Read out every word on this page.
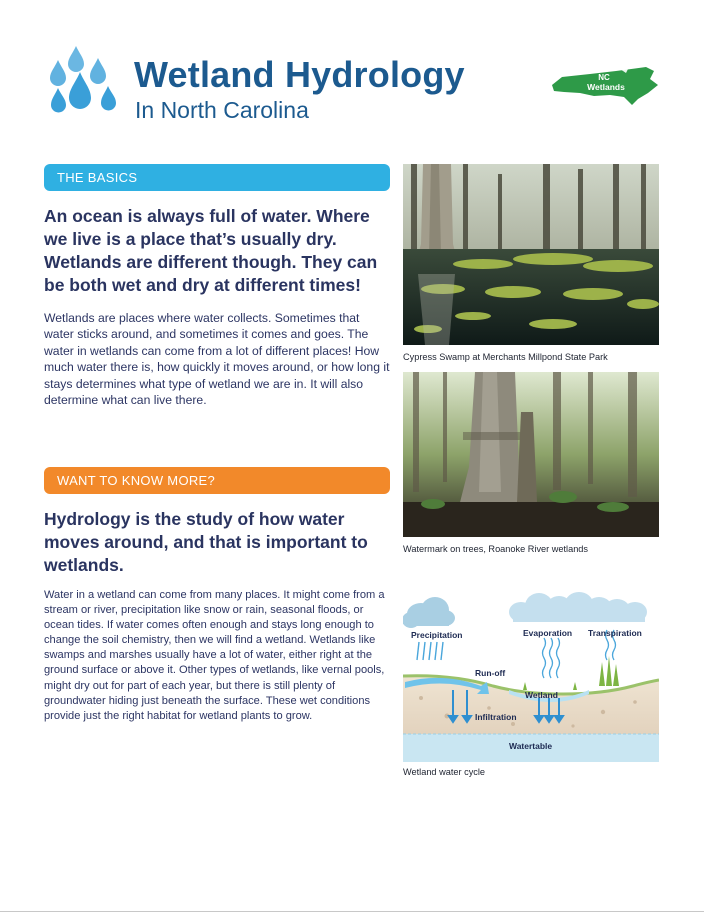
Wetland Hydrology
In North Carolina
NC
Wetlands
THE BASICS
An ocean is always full of water. Where we live is a place that’s usually dry. Wetlands are different though. They can be both wet and dry at different times!
Wetlands are places where water collects. Sometimes that water sticks around, and sometimes it comes and goes. The water in wetlands can come from a lot of different places! How much water there is, how quickly it moves around, or how long it stays determines what type of wetland we are in. It will also determine what can live there.
WANT TO KNOW MORE?
Hydrology is the study of how water moves around, and that is important to wetlands.
Water in a wetland can come from many places. It might come from a stream or river, precipitation like snow or rain, seasonal floods, or ocean tides. If water comes often enough and stays long enough to change the soil chemistry, then we will find a wetland. Wetlands like swamps and marshes usually have a lot of water, either right at the ground surface or above it. Other types of wetlands, like vernal pools, might dry out for part of each year, but there is still plenty of groundwater hiding just beneath the surface. These wet conditions provide just the right habitat for wetland plants to grow.
Cypress Swamp at Merchants Millpond State Park
Watermark on trees, Roanoke River wetlands
Precipitation	Evaporation Transpiration
Run-off
Wetland
Infiltration
Watertable
Wetland water cycle
